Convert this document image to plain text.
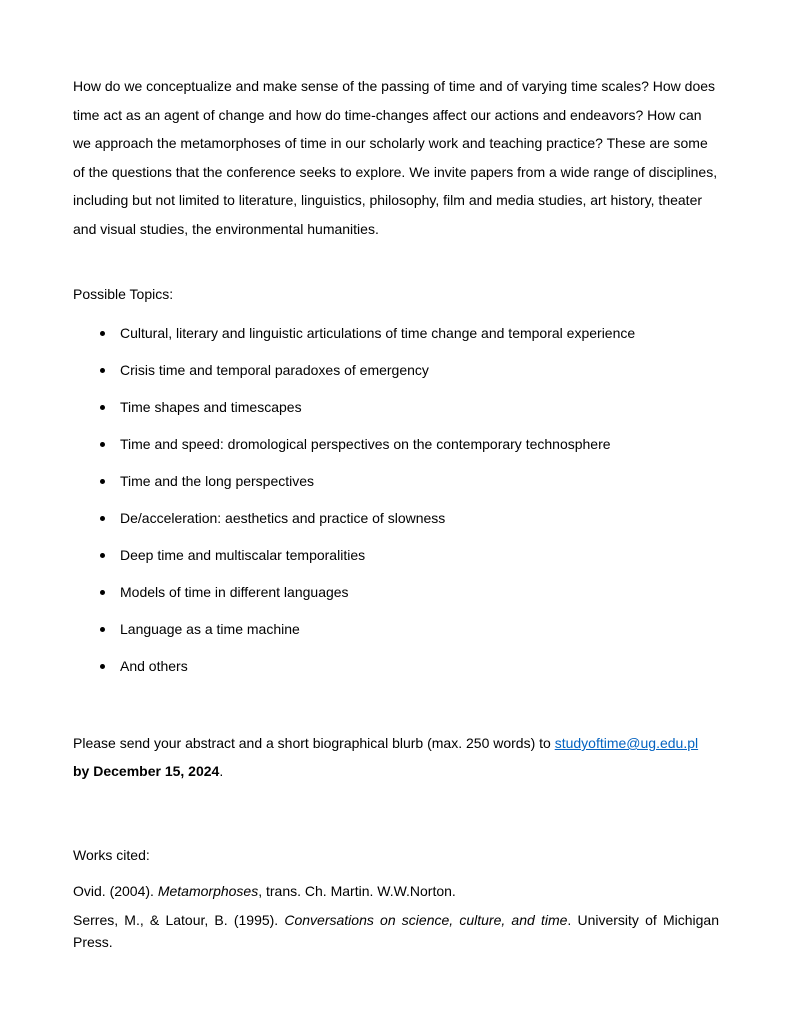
How do we conceptualize and make sense of the passing of time and of varying time scales? How does time act as an agent of change and how do time-changes affect our actions and endeavors? How can we approach the metamorphoses of time in our scholarly work and teaching practice? These are some of the questions that the conference seeks to explore. We invite papers from a wide range of disciplines, including but not limited to literature, linguistics, philosophy, film and media studies, art history, theater and visual studies, the environmental humanities.

Possible Topics:

Cultural, literary and linguistic articulations of time change and temporal experience
Crisis time and temporal paradoxes of emergency
Time shapes and timescapes
Time and speed: dromological perspectives on the contemporary technosphere
Time and the long perspectives
De/acceleration: aesthetics and practice of slowness
Deep time and multiscalar temporalities
Models of time in different languages
Language as a time machine
And others

Please send your abstract and a short biographical blurb (max. 250 words) to studyoftime@ug.edu.pl
by December 15, 2024.

Works cited:

Ovid. (2004). Metamorphoses, trans. Ch. Martin. W.W.Norton.

Serres, M., & Latour, B. (1995). Conversations on science, culture, and time. University of Michigan Press.
